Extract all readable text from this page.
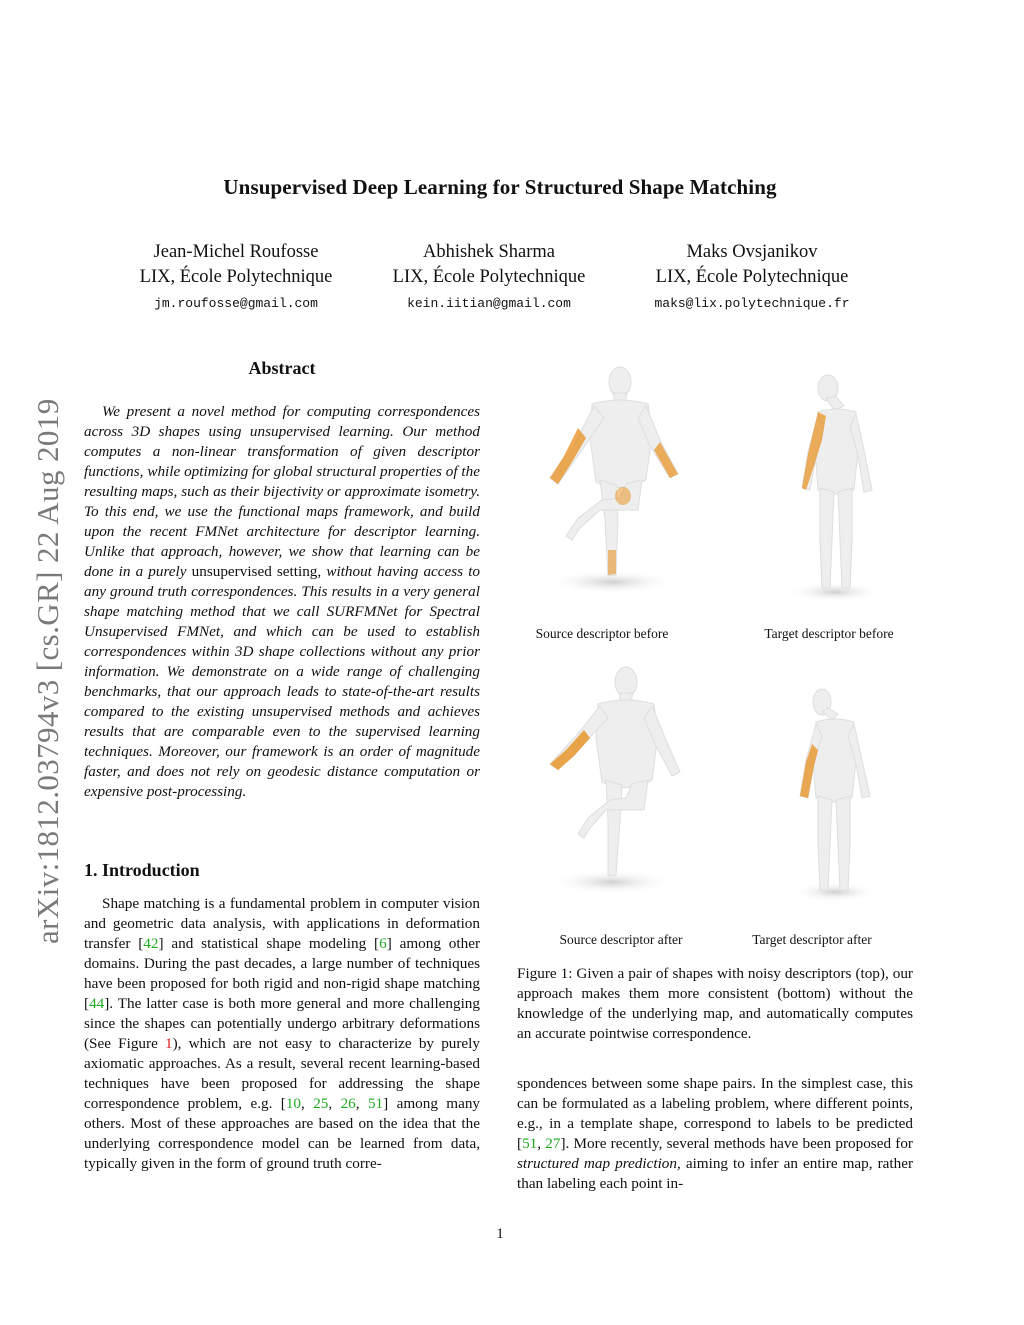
arXiv:1812.03794v3 [cs.GR] 22 Aug 2019
Unsupervised Deep Learning for Structured Shape Matching
Jean-Michel Roufosse
LIX, École Polytechnique
jm.roufosse@gmail.com
Abhishek Sharma
LIX, École Polytechnique
kein.iitian@gmail.com
Maks Ovsjanikov
LIX, École Polytechnique
maks@lix.polytechnique.fr
Abstract
We present a novel method for computing correspondences across 3D shapes using unsupervised learning. Our method computes a non-linear transformation of given descriptor functions, while optimizing for global structural properties of the resulting maps, such as their bijectivity or approximate isometry. To this end, we use the functional maps framework, and build upon the recent FMNet architecture for descriptor learning. Unlike that approach, however, we show that learning can be done in a purely unsupervised setting, without having access to any ground truth correspondences. This results in a very general shape matching method that we call SURFMNet for Spectral Unsupervised FMNet, and which can be used to establish correspondences within 3D shape collections without any prior information. We demonstrate on a wide range of challenging benchmarks, that our approach leads to state-of-the-art results compared to the existing unsupervised methods and achieves results that are comparable even to the supervised learning techniques. Moreover, our framework is an order of magnitude faster, and does not rely on geodesic distance computation or expensive post-processing.
1. Introduction
Shape matching is a fundamental problem in computer vision and geometric data analysis, with applications in deformation transfer [42] and statistical shape modeling [6] among other domains. During the past decades, a large number of techniques have been proposed for both rigid and non-rigid shape matching [44]. The latter case is both more general and more challenging since the shapes can potentially undergo arbitrary deformations (See Figure 1), which are not easy to characterize by purely axiomatic approaches. As a result, several recent learning-based techniques have been proposed for addressing the shape correspondence problem, e.g. [10, 25, 26, 51] among many others. Most of these approaches are based on the idea that the underlying correspondence model can be learned from data, typically given in the form of ground truth corre-
Source descriptor before	Target descriptor before
Source descriptor after	Target descriptor after
Figure 1: Given a pair of shapes with noisy descriptors (top), our approach makes them more consistent (bottom) without the knowledge of the underlying map, and automatically computes an accurate pointwise correspondence.
spondences between some shape pairs. In the simplest case, this can be formulated as a labeling problem, where different points, e.g., in a template shape, correspond to labels to be predicted [51, 27]. More recently, several methods have been proposed for structured map prediction, aiming to infer an entire map, rather than labeling each point in-
1
